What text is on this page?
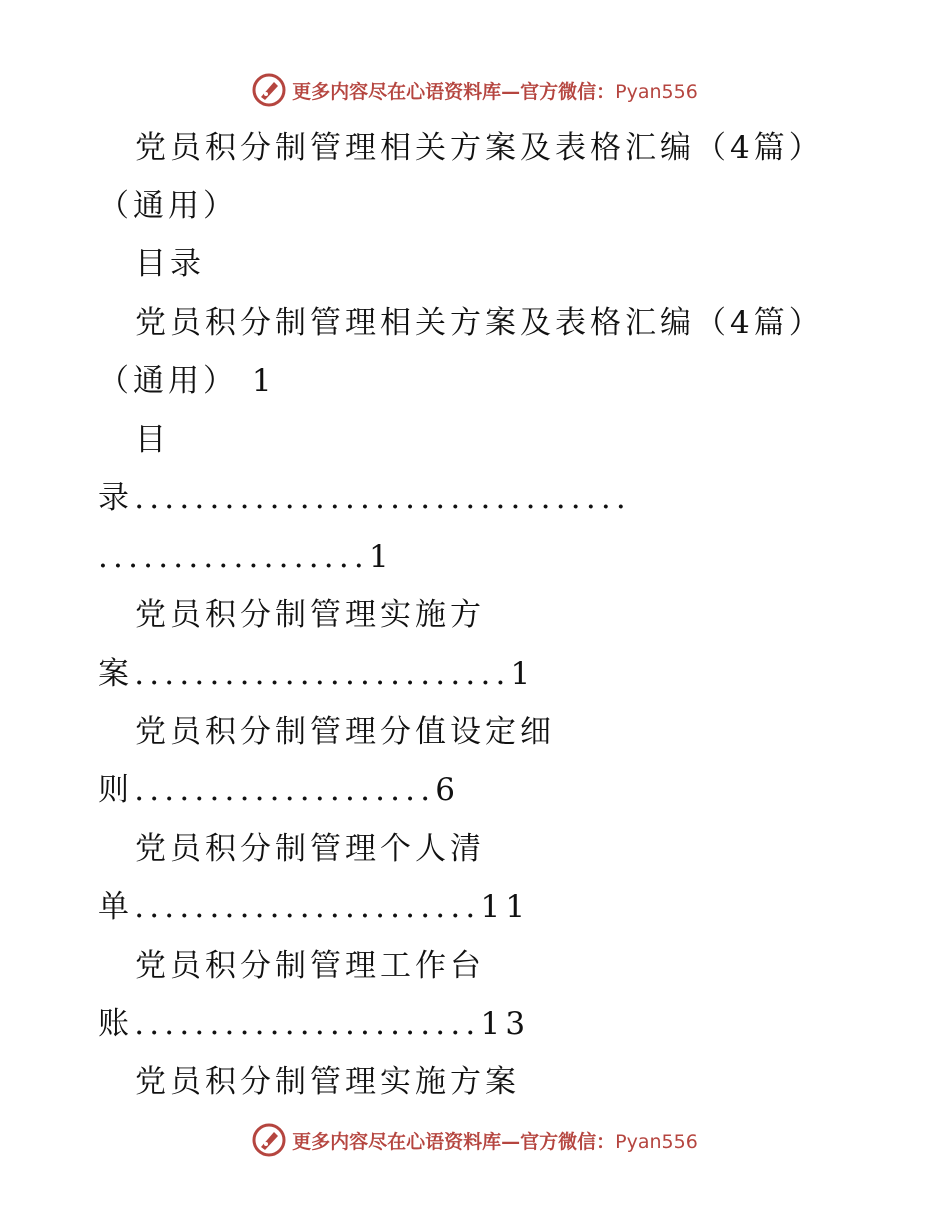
更多内容尽在心语资料库—官方微信：Pyan556
党员积分制管理相关方案及表格汇编（4篇）
（通用）
目录
党员积分制管理相关方案及表格汇编（4篇）
（通用） 1
目
录.................................
..................1
党员积分制管理实施方
案.........................1
党员积分制管理分值设定细
则....................6
党员积分制管理个人清
单.......................11
党员积分制管理工作台
账.......................13
党员积分制管理实施方案
更多内容尽在心语资料库—官方微信：Pyan556
